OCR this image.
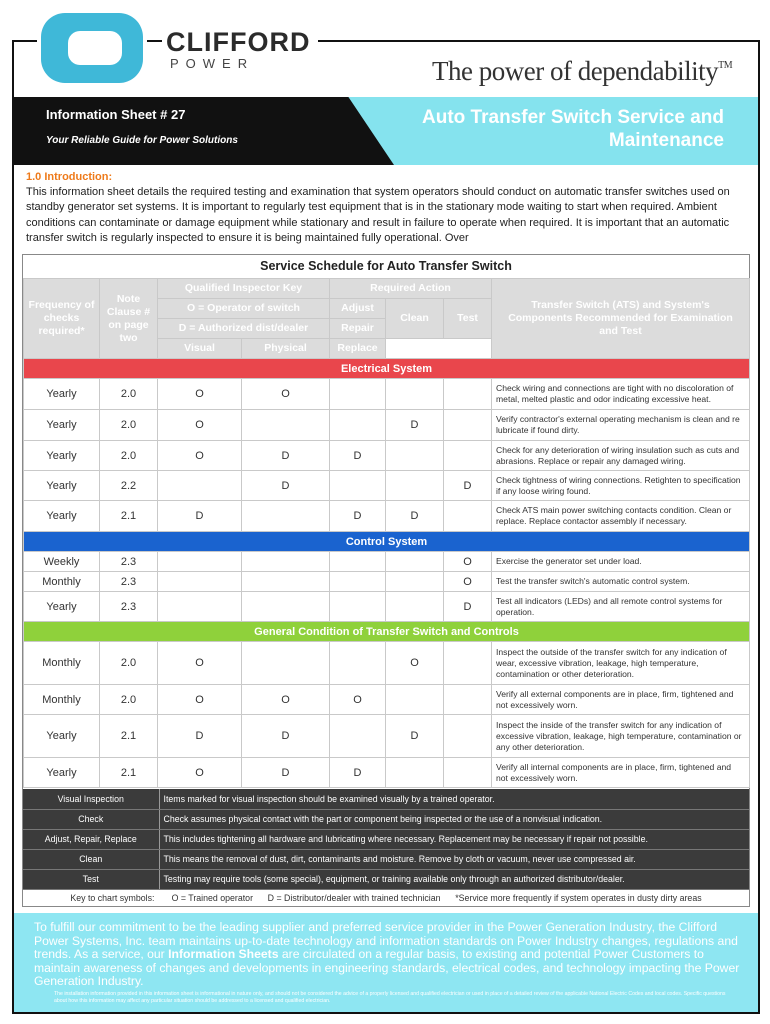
CLIFFORD
POWER	The power of dependability™
Information Sheet # 27
Your Reliable Guide for Power Solutions
Auto Transfer Switch Service and
Maintenance
1.0 Introduction:
This information sheet details the required testing and examination that system operators should conduct on automatic transfer switches used on standby generator set systems. It is important to regularly test equipment that is in the stationary mode waiting to start when required. Ambient conditions can contaminate or damage equipment while stationary and result in failure to operate when required. It is important that an automatic transfer switch is regularly inspected to ensure it is being maintained fully operational. Over
Service Schedule for Auto Transfer Switch
Frequency of checks required*	Note Clause # on page two	Qualified Inspector Key		Required Action			Transfer Switch (ATS) and System's Components Recommended for Examination and Test
		O = Operator of switch		Adjust	Clean	Test	
		D = Authorized dist/dealer		Repair			
		Visual	Physical	Replace			
Electrical System							
Yearly	2.0	O	O				Check wiring and connections are tight with no discoloration of metal, melted plastic and odor indicating excessive heat.
Yearly	2.0	O			D		Verify contractor's external operating mechanism is clean and re lubricate if found dirty.
Yearly	2.0	O	D	D			Check for any deterioration of wiring insulation such as cuts and abrasions. Replace or repair any damaged wiring.
Yearly	2.2		D			D	Check tightness of wiring connections. Retighten to specification if any loose wiring found.
Yearly	2.1	D		D	D		Check ATS main power switching contacts condition. Clean or replace. Replace contactor assembly if necessary.
Control System							
Weekly	2.3					O	Exercise the generator set under load.
Monthly	2.3					O	Test the transfer switch's automatic control system.
Yearly	2.3					D	Test all indicators (LEDs) and all remote control systems for operation.
General Condition of Transfer Switch and Controls							
Monthly	2.0	O			O		Inspect the outside of the transfer switch for any indication of wear, excessive vibration, leakage, high temperature, contamination or other deterioration.
Monthly	2.0	O	O	O			Verify all external components are in place, firm, tightened and not excessively worn.
Yearly	2.1	D	D		D		Inspect the inside of the transfer switch for any indication of excessive vibration, leakage, high temperature, contamination or any other deterioration.
Yearly	2.1	O	D	D			Verify all internal components are in place, firm, tightened and not excessively worn.
Visual Inspection	Items marked for visual inspection should be examined visually by a trained operator.
Check	Check assumes physical contact with the part or component being inspected or the use of a nonvisual indication.
Adjust, Repair, Replace	This includes tightening all hardware and lubricating where necessary. Replacement may be necessary if repair not possible.
Clean	This means the removal of dust, dirt, contaminants and moisture. Remove by cloth or vacuum, never use compressed air.
Test	Testing may require tools (some special), equipment, or training available only through an authorized distributor/dealer.
Key to chart symbols: O = Trained operator D = Distributor/dealer with trained technician *Service more frequently if system operates in dusty dirty areas
To fulfill our commitment to be the leading supplier and preferred service provider in the Power Generation Industry, the Clifford Power Systems, Inc. team maintains up-to-date technology and information standards on Power Industry changes, regulations and trends. As a service, our Information Sheets are circulated on a regular basis, to existing and potential Power Customers to maintain awareness of changes and developments in engineering standards, electrical codes, and technology impacting the Power Generation Industry.
The installation information provided in this information sheet is informational in nature only, and should not be considered the advice of a properly licensed and qualified electrician or used in place of a detailed review of the applicable National Electric Codes and local codes. Specific questions about how this information may affect any particular situation should be addressed to a licensed and qualified electrician.
